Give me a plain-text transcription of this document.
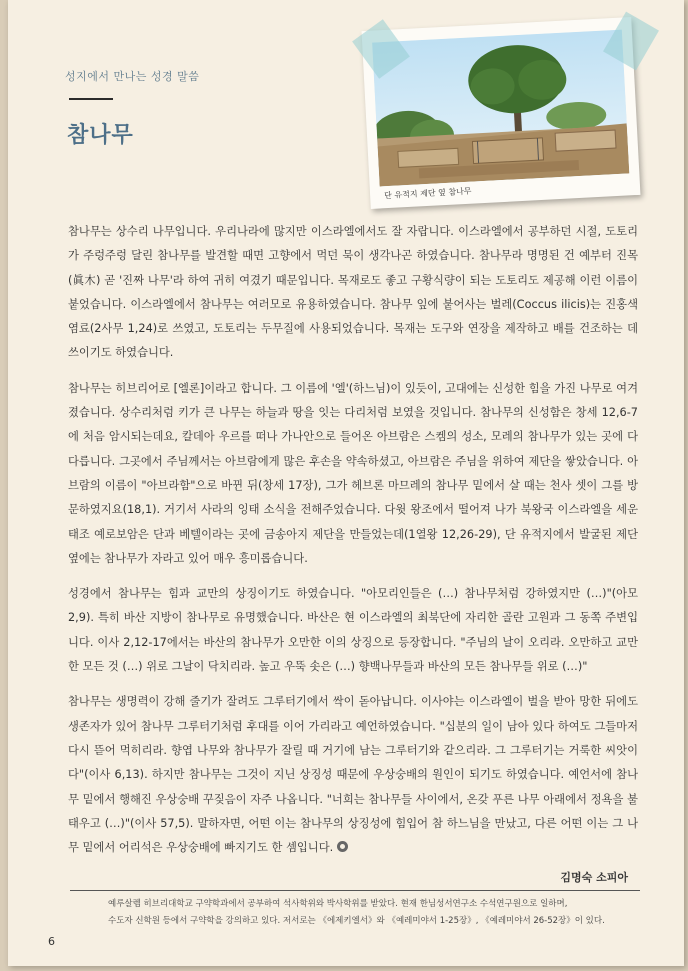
성지에서 만나는 성경 말씀
참나무
단 유적지 제단 옆 참나무

참나무는 상수리 나무입니다. 우리나라에 많지만 이스라엘에서도 잘 자랍니다. 이스라엘에서 공부하던 시절, 도토리가 주렁주렁 달린 참나무를 발견할 때면 고향에서 먹던 묵이 생각나곤 하였습니다. 참나무라 명명된 건 예부터 진목(眞木) 곧 '진짜 나무'라 하여 귀히 여겼기 때문입니다. 목재로도 좋고 구황식량이 되는 도토리도 제공해 이런 이름이 붙었습니다. 이스라엘에서 참나무는 여러모로 유용하였습니다. 참나무 잎에 붙어사는 벌레(Coccus ilicis)는 진홍색 염료(2사무 1,24)로 쓰였고, 도토리는 두무질에 사용되었습니다. 목재는 도구와 연장을 제작하고 배를 건조하는 데 쓰이기도 하였습니다.

참나무는 히브리어로 [엘론]이라고 합니다. 그 이름에 '엘'(하느님)이 있듯이, 고대에는 신성한 힘을 가진 나무로 여겨졌습니다. 상수리처럼 키가 큰 나무는 하늘과 땅을 잇는 다리처럼 보였을 것입니다. 참나무의 신성함은 창세 12,6-7에 처음 암시되는데요, 칼데아 우르를 떠나 가나안으로 들어온 아브람은 스켐의 성소, 모레의 참나무가 있는 곳에 다다릅니다. 그곳에서 주님께서는 아브람에게 많은 후손을 약속하셨고, 아브람은 주님을 위하여 제단을 쌓았습니다. 아브람의 이름이 "아브라함"으로 바뀐 뒤(창세 17장), 그가 헤브론 마므레의 참나무 밑에서 살 때는 천사 셋이 그를 방문하였지요(18,1). 거기서 사라의 잉태 소식을 전해주었습니다. 다윗 왕조에서 떨어져 나가 북왕국 이스라엘을 세운 태조 예로보암은 단과 베텔이라는 곳에 금송아지 제단을 만들었는데(1열왕 12,26-29), 단 유적지에서 발굴된 제단 옆에는 참나무가 자라고 있어 매우 흥미롭습니다.

성경에서 참나무는 힘과 교만의 상징이기도 하였습니다. "아모리인들은 (…) 참나무처럼 강하였지만 (…)"(아모 2,9). 특히 바산 지방이 참나무로 유명했습니다. 바산은 현 이스라엘의 최북단에 자리한 골란 고원과 그 동쪽 주변입니다. 이사 2,12-17에서는 바산의 참나무가 오만한 이의 상징으로 등장합니다. "주님의 날이 오리라. 오만하고 교만한 모든 것 (…) 위로 그날이 닥치리라. 높고 우뚝 솟은 (…) 향백나무들과 바산의 모든 참나무들 위로 (…)"

참나무는 생명력이 강해 줄기가 잘려도 그루터기에서 싹이 돋아납니다. 이사야는 이스라엘이 벌을 받아 망한 뒤에도 생존자가 있어 참나무 그루터기처럼 후대를 이어 가리라고 예언하였습니다. "십분의 일이 남아 있다 하여도 그들마저 다시 뜯어 먹히리라. 향엽 나무와 참나무가 잘릴 때 거기에 남는 그루터기와 같으리라. 그 그루터기는 거룩한 씨앗이다"(이사 6,13). 하지만 참나무는 그것이 지닌 상징성 때문에 우상숭배의 원인이 되기도 하였습니다. 예언서에 참나무 밑에서 행해진 우상숭배 꾸짖음이 자주 나옵니다. "너희는 참나무들 사이에서, 온갖 푸른 나무 아래에서 정욕을 불태우고 (…)"(이사 57,5). 말하자면, 어떤 이는 참나무의 상징성에 힘입어 참 하느님을 만났고, 다른 어떤 이는 그 나무 밑에서 어리석은 우상숭배에 빠지기도 한 셈입니다.

김명숙 소피아

예루살렘 히브리대학교 구약학과에서 공부하여 석사학위와 박사학위를 받았다. 현재 한님성서연구소 수석연구원으로 일하며,

수도자 신학원 등에서 구약학을 강의하고 있다. 저서로는 《에제키엘서》와 《예레미야서 1-25장》, 《예레미야서 26-52장》이 있다.

6
